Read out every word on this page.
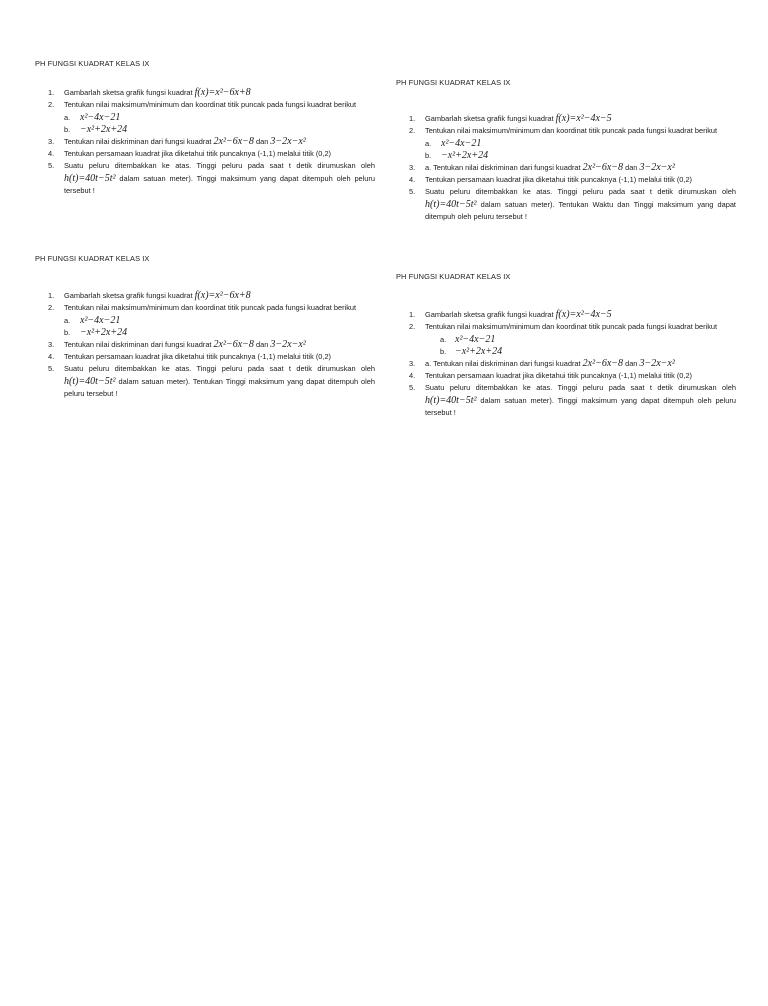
PH FUNGSI KUADRAT KELAS IX
1. Gambarlah sketsa grafik fungsi kuadrat f(x)=x²−6x+8
2. Tentukan nilai maksimum/minimum dan koordinat titik puncak pada fungsi kuadrat berikut
a. x²−4x−21
b. −x²+2x+24
3. Tentukan nilai diskriminan dari fungsi kuadrat 2x²−6x−8 dan 3−2x−x²
4. Tentukan persamaan kuadrat jika diketahui titik puncaknya (-1,1) melalui titik (0,2)
5. Suatu peluru ditembakkan ke atas. Tinggi peluru pada saat t detik dirumuskan oleh h(t)=40t−5t² dalam satuan meter). Tinggi maksimum yang dapat ditempuh oleh peluru tersebut !
PH FUNGSI KUADRAT KELAS IX
1. Gambarlah sketsa grafik fungsi kuadrat f(x)=x²−4x−5
2. Tentukan nilai maksimum/minimum dan koordinat titik puncak pada fungsi kuadrat berikut
a. x²−4x−21
b. −x²+2x+24
3. a. Tentukan nilai diskriminan dari fungsi kuadrat 2x²−6x−8 dan 3−2x−x²
4. Tentukan persamaan kuadrat jika diketahui titik puncaknya (-1,1) melalui titik (0,2)
5. Suatu peluru ditembakkan ke atas. Tinggi peluru pada saat t detik dirumuskan oleh h(t)=40t−5t² dalam satuan meter). Tentukan Waktu dan Tinggi maksimum yang dapat ditempuh oleh peluru tersebut !
PH FUNGSI KUADRAT KELAS IX
1. Gambarlah sketsa grafik fungsi kuadrat f(x)=x²−6x+8
2. Tentukan nilai maksimum/minimum dan koordinat titik puncak pada fungsi kuadrat berikut
a. x²−4x−21
b. −x²+2x+24
3. Tentukan nilai diskriminan dari fungsi kuadrat 2x²−6x−8 dan 3−2x−x²
4. Tentukan persamaan kuadrat jika diketahui titik puncaknya (-1,1) melalui titik (0,2)
5. Suatu peluru ditembakkan ke atas. Tinggi peluru pada saat t detik dirumuskan oleh h(t)=40t−5t² dalam satuan meter). Tentukan Tinggi maksimum yang dapat ditempuh oleh peluru tersebut !
PH FUNGSI KUADRAT KELAS IX
1. Gambarlah sketsa grafik fungsi kuadrat f(x)=x²−4x−5
2. Tentukan nilai maksimum/minimum dan koordinat titik puncak pada fungsi kuadrat berikut
a. x²−4x−21
b. −x²+2x+24
3. a. Tentukan nilai diskriminan dari fungsi kuadrat 2x²−6x−8 dan 3−2x−x²
4. Tentukan persamaan kuadrat jika diketahui titik puncaknya (-1,1) melalui titik (0,2)
5. Suatu peluru ditembakkan ke atas. Tinggi peluru pada saat t detik dirumuskan oleh h(t)=40t−5t² dalam satuan meter). Tinggi maksimum yang dapat ditempuh oleh peluru tersebut !
